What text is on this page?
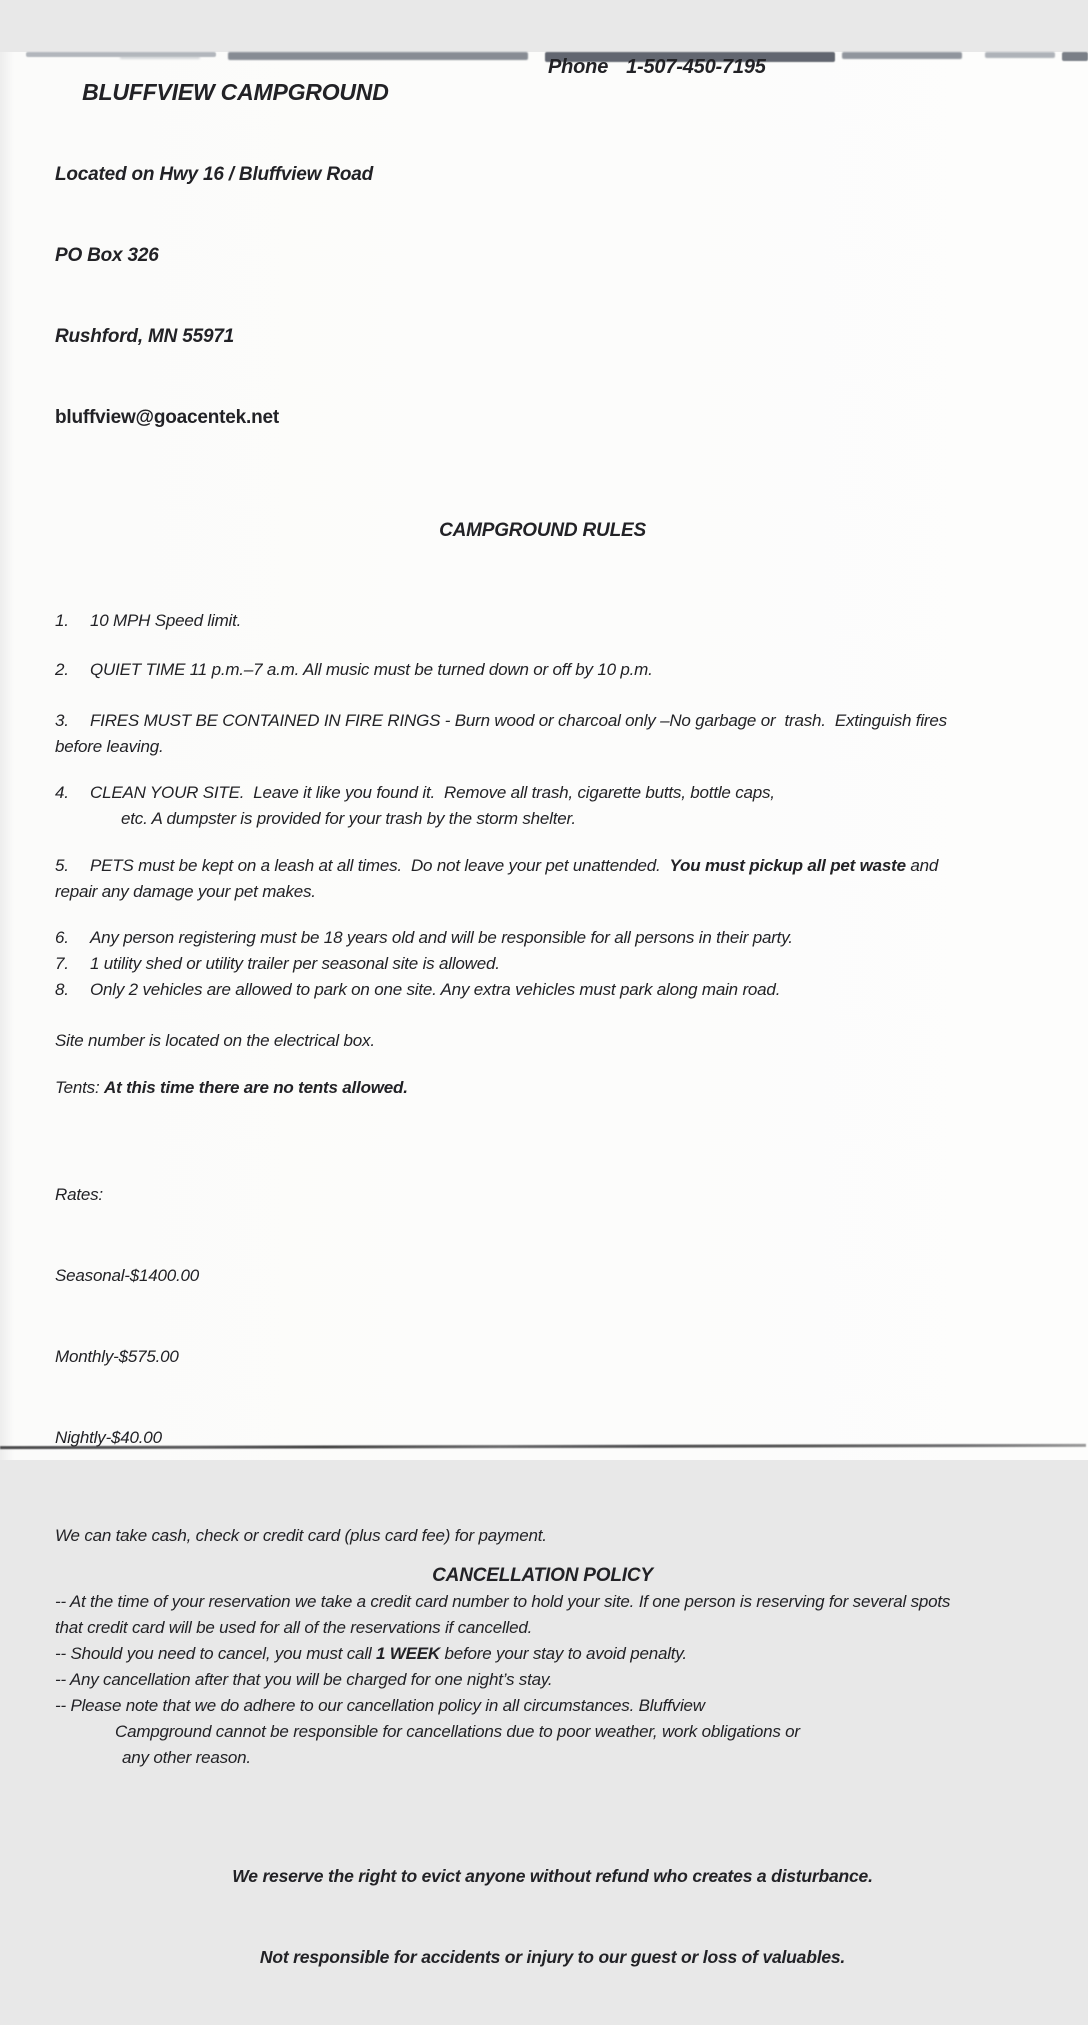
BLUFFVIEW CAMPGROUND

Phone 1-507-450-7195

Located on Hwy 16 / Bluffview Road

PO Box 326

Rushford, MN 55971

bluffview@goacentek.net

CAMPGROUND RULES

1. 10 MPH Speed limit.

2. QUIET TIME 11 p.m.–7 a.m. All music must be turned down or off by 10 p.m.

3. FIRES MUST BE CONTAINED IN FIRE RINGS - Burn wood or charcoal only –No garbage or  trash.  Extinguish fires
before leaving.

4. CLEAN YOUR SITE.  Leave it like you found it.  Remove all trash, cigarette butts, bottle caps,
etc. A dumpster is provided for your trash by the storm shelter.

5. PETS must be kept on a leash at all times.  Do not leave your pet unattended.  You must pickup all pet waste and
repair any damage your pet makes.

6. Any person registering must be 18 years old and will be responsible for all persons in their party.

7. 1 utility shed or utility trailer per seasonal site is allowed.

8. Only 2 vehicles are allowed to park on one site. Any extra vehicles must park along main road.

Site number is located on the electrical box.

Tents: At this time there are no tents allowed.

Rates:

Seasonal-$1400.00

Monthly-$575.00

Nightly-$40.00

We can take cash, check or credit card (plus card fee) for payment.

CANCELLATION POLICY
-- At the time of your reservation we take a credit card number to hold your site. If one person is reserving for several spots
that credit card will be used for all of the reservations if cancelled.
-- Should you need to cancel, you must call 1 WEEK before your stay to avoid penalty.
-- Any cancellation after that you will be charged for one night’s stay.
-- Please note that we do adhere to our cancellation policy in all circumstances. Bluffview
Campground cannot be responsible for cancellations due to poor weather, work obligations or
any other reason.

We reserve the right to evict anyone without refund who creates a disturbance.

Not responsible for accidents or injury to our guest or loss of valuables.
